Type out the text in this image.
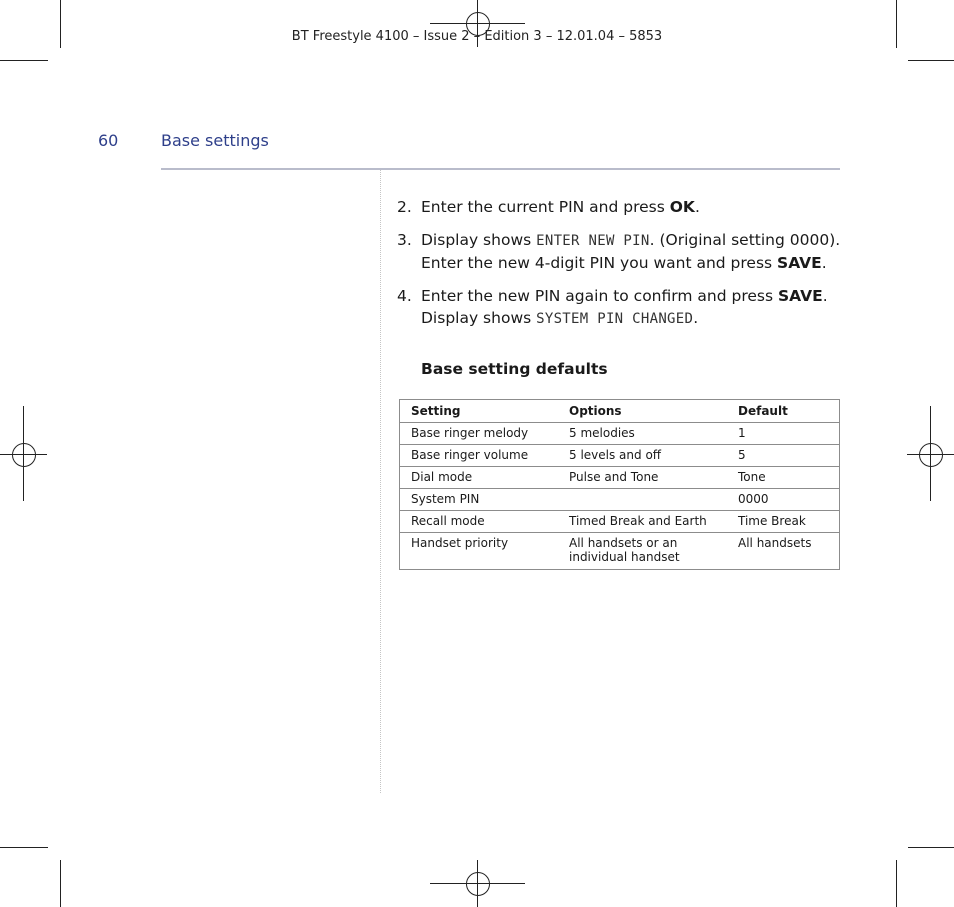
BT Freestyle 4100 – Issue 2 – Edition 3 – 12.01.04 – 5853
60	Base settings
2. Enter the current PIN and press OK.
3. Display shows ENTER NEW PIN. (Original setting 0000). Enter the new 4-digit PIN you want and press SAVE.
4. Enter the new PIN again to confirm and press SAVE. Display shows SYSTEM PIN CHANGED.
Base setting defaults
Setting	Options	Default
Base ringer melody	5 melodies	1
Base ringer volume	5 levels and off	5
Dial mode	Pulse and Tone	Tone
System PIN		0000
Recall mode	Timed Break and Earth	Time Break
Handset priority	All handsets or an individual handset	All handsets
